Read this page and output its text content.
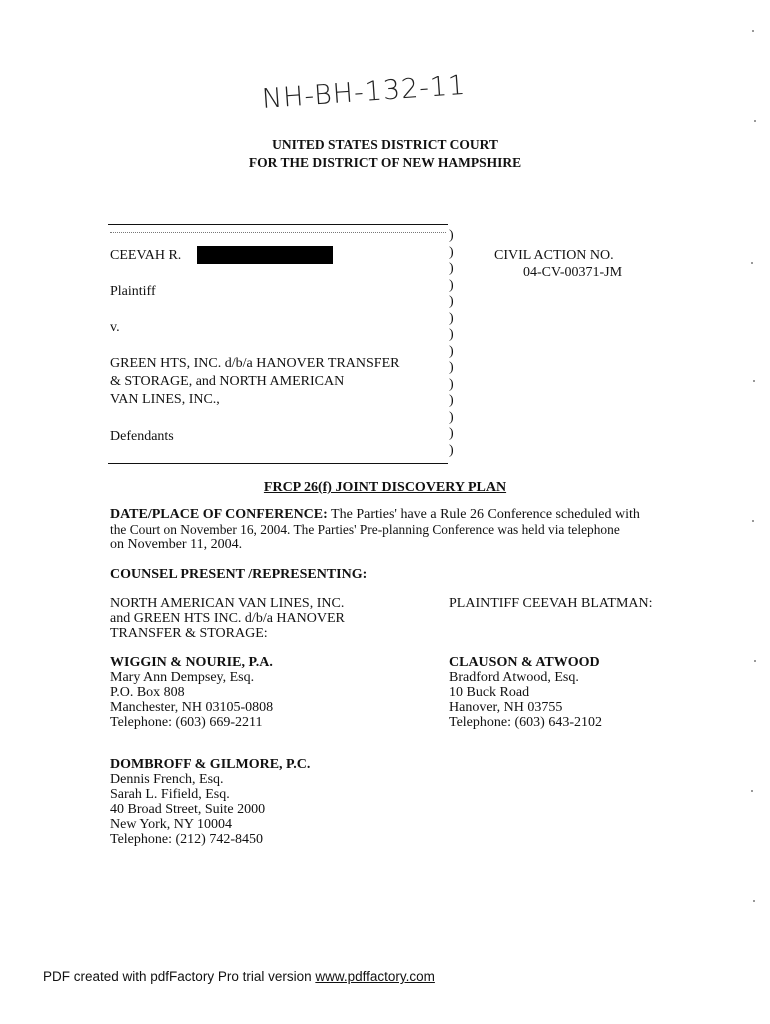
NH-BH-132-11
UNITED STATES DISTRICT COURT
FOR THE DISTRICT OF NEW HAMPSHIRE
)
)
)
)
)
)
)
)
)
)
)
)
)
)
CEEVAH R.
Plaintiff
v.
GREEN HTS, INC. d/b/a HANOVER TRANSFER
& STORAGE, and NORTH AMERICAN
VAN LINES, INC.,
Defendants
CIVIL ACTION NO.
04-CV-00371-JM
FRCP 26(f) JOINT DISCOVERY PLAN
DATE/PLACE OF CONFERENCE: The Parties' have a Rule 26 Conference scheduled with
the Court on November 16, 2004. The Parties' Pre-planning Conference was held via telephone
on November 11, 2004.
COUNSEL PRESENT /REPRESENTING:
NORTH AMERICAN VAN LINES, INC.
and GREEN HTS INC. d/b/a HANOVER
TRANSFER & STORAGE:
PLAINTIFF CEEVAH BLATMAN:
WIGGIN & NOURIE, P.A.
Mary Ann Dempsey, Esq.
P.O. Box 808
Manchester, NH 03105-0808
Telephone: (603) 669-2211
CLAUSON & ATWOOD
Bradford Atwood, Esq.
10 Buck Road
Hanover, NH 03755
Telephone: (603) 643-2102
DOMBROFF & GILMORE, P.C.
Dennis French, Esq.
Sarah L. Fifield, Esq.
40 Broad Street, Suite 2000
New York, NY 10004
Telephone: (212) 742-8450
PDF created with pdfFactory Pro trial version www.pdffactory.com
